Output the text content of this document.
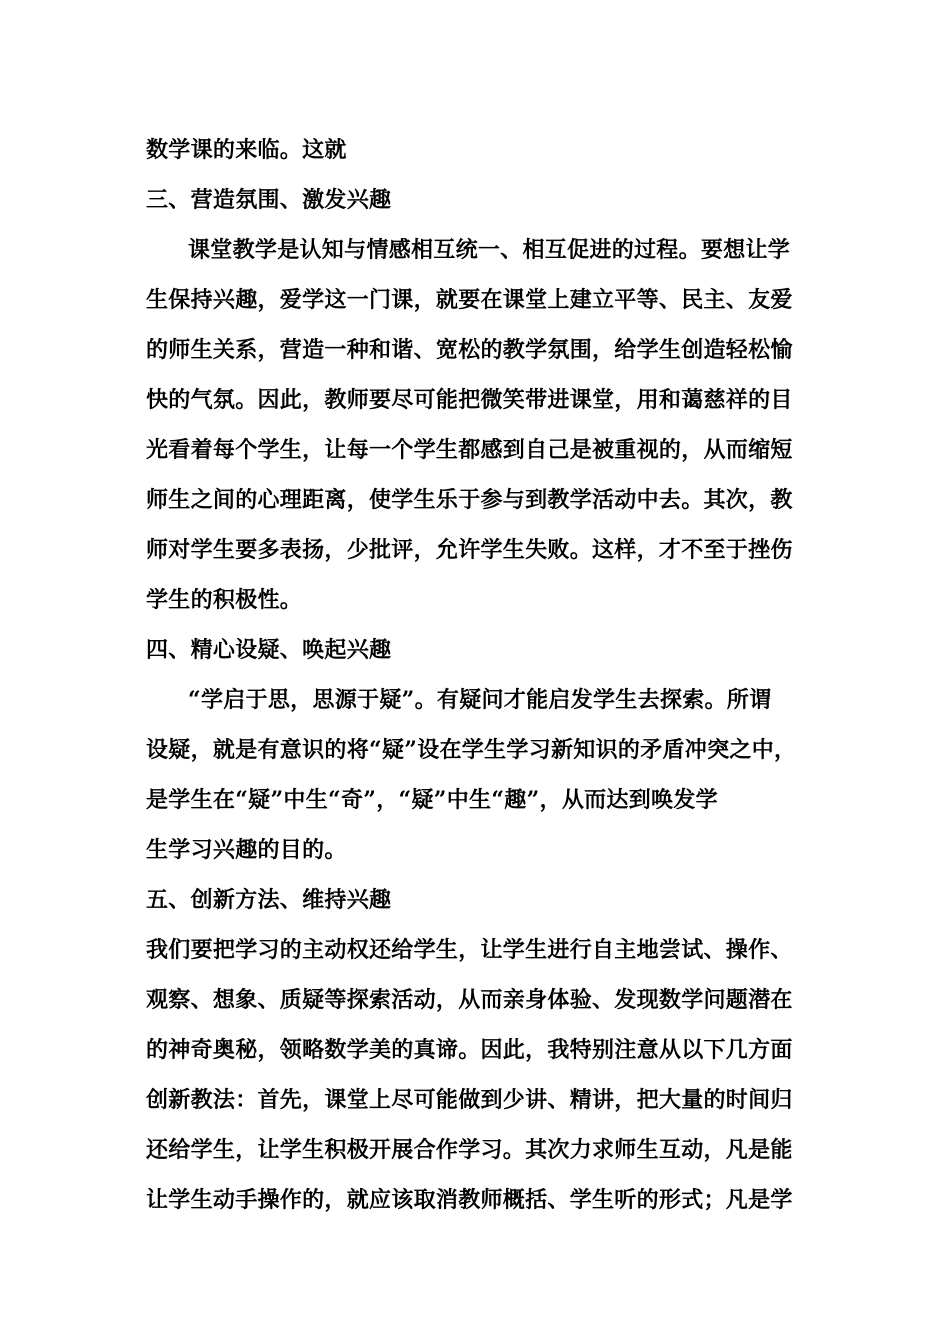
数学课的来临。这就
三、营造氛围、激发兴趣
课堂教学是认知与情感相互统一、相互促进的过程。要想让学
生保持兴趣，爱学这一门课，就要在课堂上建立平等、民主、友爱
的师生关系，营造一种和谐、宽松的教学氛围，给学生创造轻松愉
快的气氛。因此，教师要尽可能把微笑带进课堂，用和蔼慈祥的目
光看着每个学生，让每一个学生都感到自己是被重视的，从而缩短
师生之间的心理距离，使学生乐于参与到教学活动中去。其次，教
师对学生要多表扬，少批评，允许学生失败。这样，才不至于挫伤
学生的积极性。
四、精心设疑、唤起兴趣
“学启于思，思源于疑”。有疑问才能启发学生去探索。所谓
设疑，就是有意识的将“疑”设在学生学习新知识的矛盾冲突之中，
是学生在“疑”中生“奇”，“疑”中生“趣”，从而达到唤发学
生学习兴趣的目的。
五、创新方法、维持兴趣
我们要把学习的主动权还给学生，让学生进行自主地尝试、操作、
观察、想象、质疑等探索活动，从而亲身体验、发现数学问题潜在
的神奇奥秘，领略数学美的真谛。因此，我特别注意从以下几方面
创新教法：首先，课堂上尽可能做到少讲、精讲，把大量的时间归
还给学生，让学生积极开展合作学习。其次力求师生互动，凡是能
让学生动手操作的，就应该取消教师概括、学生听的形式；凡是学
